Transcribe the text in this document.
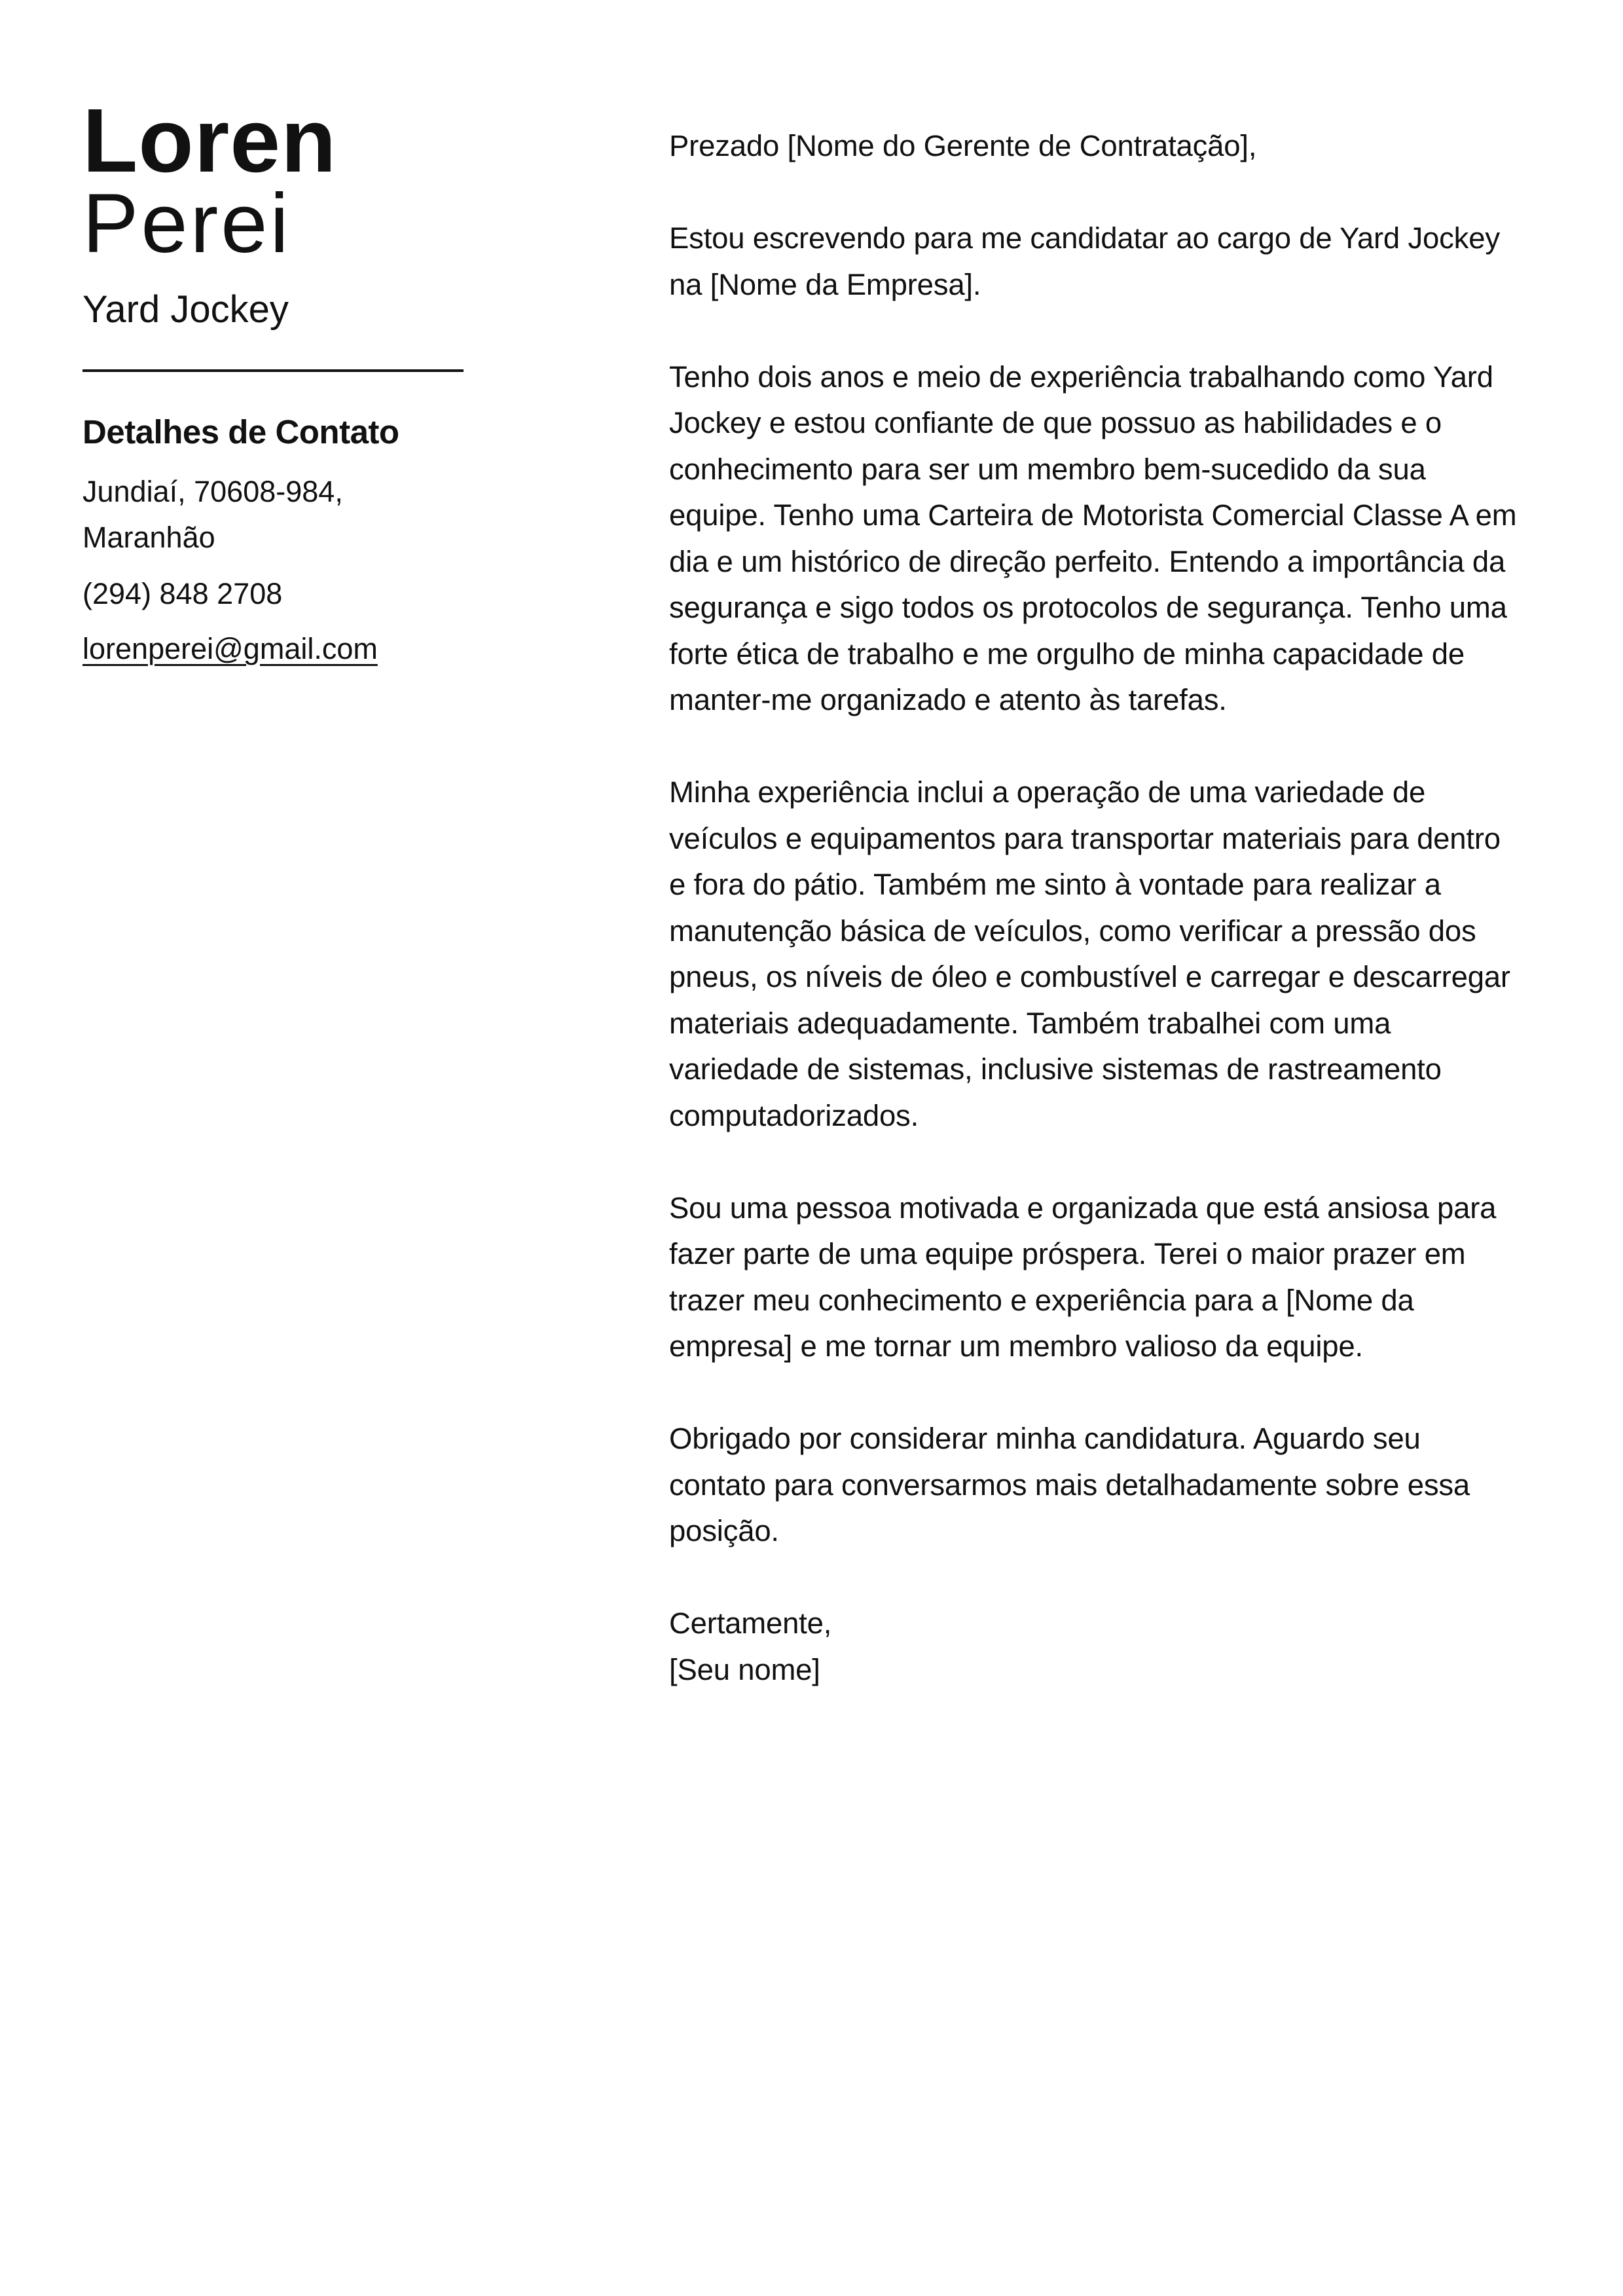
Loren
Perei
Yard Jockey
Detalhes de Contato
Jundiaí, 70608-984, Maranhão
(294) 848 2708
lorenperei@gmail.com

Prezado [Nome do Gerente de Contratação],

Estou escrevendo para me candidatar ao cargo de Yard Jockey na [Nome da Empresa].

Tenho dois anos e meio de experiência trabalhando como Yard Jockey e estou confiante de que possuo as habilidades e o conhecimento para ser um membro bem-sucedido da sua equipe. Tenho uma Carteira de Motorista Comercial Classe A em dia e um histórico de direção perfeito. Entendo a importância da segurança e sigo todos os protocolos de segurança. Tenho uma forte ética de trabalho e me orgulho de minha capacidade de manter-me organizado e atento às tarefas.

Minha experiência inclui a operação de uma variedade de veículos e equipamentos para transportar materiais para dentro e fora do pátio. Também me sinto à vontade para realizar a manutenção básica de veículos, como verificar a pressão dos pneus, os níveis de óleo e combustível e carregar e descarregar materiais adequadamente. Também trabalhei com uma variedade de sistemas, inclusive sistemas de rastreamento computadorizados.

Sou uma pessoa motivada e organizada que está ansiosa para fazer parte de uma equipe próspera. Terei o maior prazer em trazer meu conhecimento e experiência para a [Nome da empresa] e me tornar um membro valioso da equipe.

Obrigado por considerar minha candidatura. Aguardo seu contato para conversarmos mais detalhadamente sobre essa posição.

Certamente,

[Seu nome]
